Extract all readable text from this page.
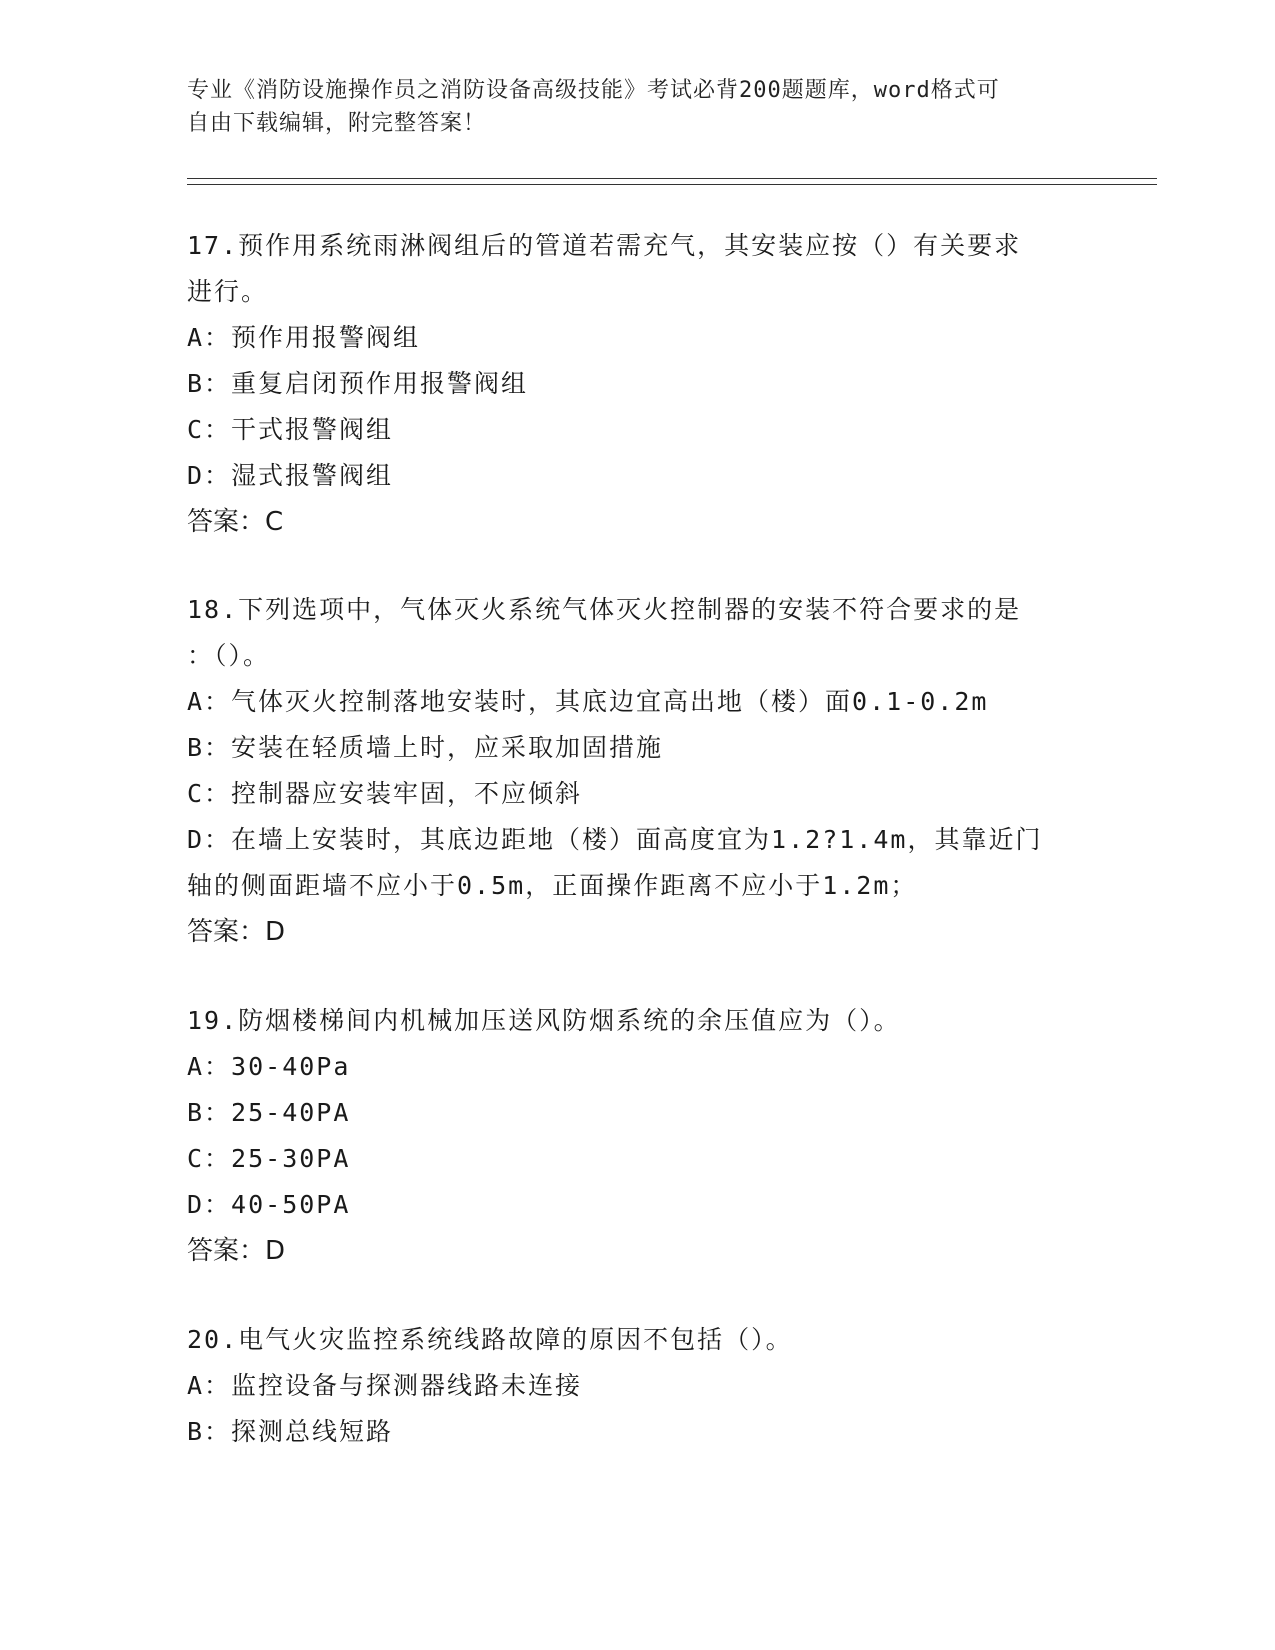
专业《消防设施操作员之消防设备高级技能》考试必背200题题库，word格式可
自由下载编辑，附完整答案！
17.预作用系统雨淋阀组后的管道若需充气，其安装应按（）有关要求
进行。
A：预作用报警阀组
B：重复启闭预作用报警阀组
C：干式报警阀组
D：湿式报警阀组
答案：C
18.下列选项中，气体灭火系统气体灭火控制器的安装不符合要求的是
：（）。
A：气体灭火控制落地安装时，其底边宜高出地（楼）面0.1-0.2m
B：安装在轻质墙上时，应采取加固措施
C：控制器应安装牢固，不应倾斜
D：在墙上安装时，其底边距地（楼）面高度宜为1.2?1.4m，其靠近门
轴的侧面距墙不应小于0.5m，正面操作距离不应小于1.2m；
答案：D
19.防烟楼梯间内机械加压送风防烟系统的余压值应为（）。
A：30-40Pa
B：25-40PA
C：25-30PA
D：40-50PA
答案：D
20.电气火灾监控系统线路故障的原因不包括（）。
A：监控设备与探测器线路未连接
B：探测总线短路
